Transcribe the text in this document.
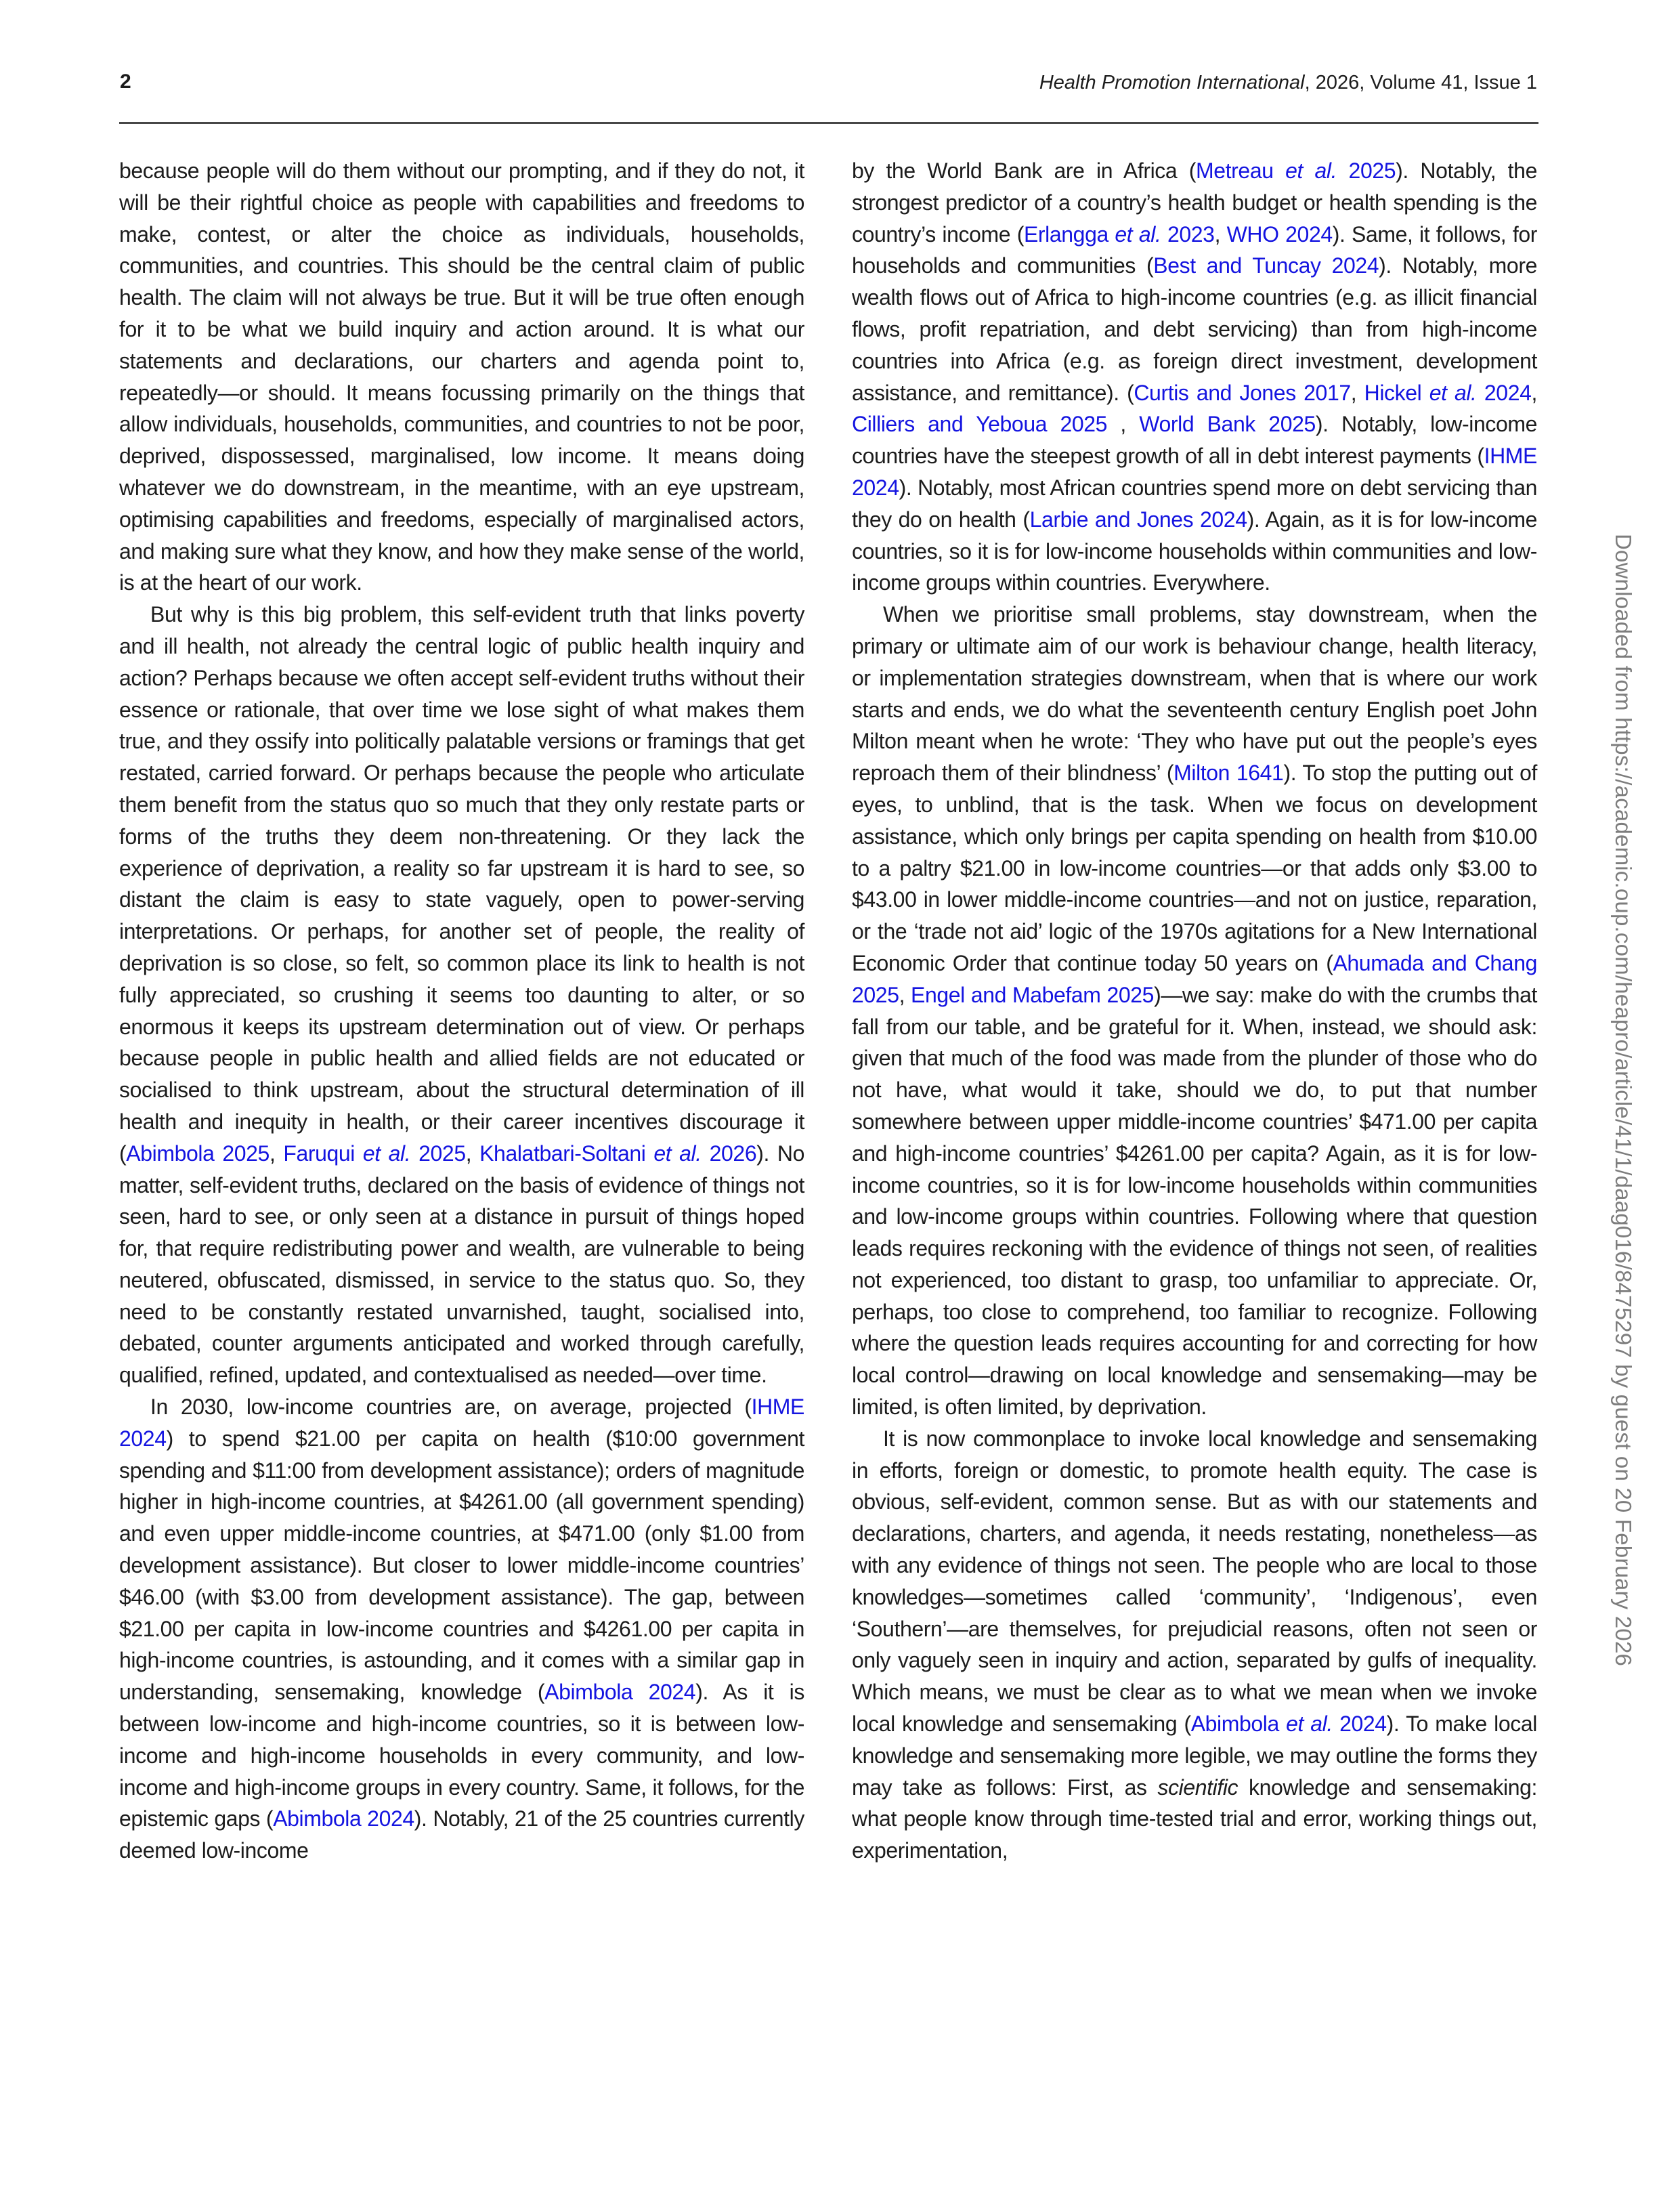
2	Health Promotion International, 2026, Volume 41, Issue 1

because people will do them without our prompting, and if they do not, it will be their rightful choice as people with capabilities and freedoms to make, contest, or alter the choice as individuals, households, communities, and countries. This should be the central claim of public health. The claim will not always be true. But it will be true often enough for it to be what we build inquiry and action around. It is what our statements and declarations, our charters and agenda point to, repeatedly—or should. It means focussing primarily on the things that allow individuals, households, communities, and countries to not be poor, deprived, dispossessed, marginalised, low income. It means doing whatever we do downstream, in the meantime, with an eye upstream, optimising capabilities and freedoms, especially of marginalised actors, and making sure what they know, and how they make sense of the world, is at the heart of our work.

But why is this big problem, this self-evident truth that links poverty and ill health, not already the central logic of public health inquiry and action? Perhaps because we often accept self-evident truths without their essence or rationale, that over time we lose sight of what makes them true, and they ossify into politically palatable versions or framings that get restated, carried forward. Or perhaps because the people who articulate them benefit from the status quo so much that they only restate parts or forms of the truths they deem non-threatening. Or they lack the experience of deprivation, a reality so far upstream it is hard to see, so distant the claim is easy to state vaguely, open to power-serving interpretations. Or perhaps, for another set of people, the reality of deprivation is so close, so felt, so common place its link to health is not fully appreciated, so crushing it seems too daunting to alter, or so enormous it keeps its upstream determination out of view. Or perhaps because people in public health and allied fields are not educated or socialised to think upstream, about the structural determination of ill health and inequity in health, or their career incentives discourage it (Abimbola 2025, Faruqui et al. 2025, Khalatbari-Soltani et al. 2026). No matter, self-evident truths, declared on the basis of evidence of things not seen, hard to see, or only seen at a distance in pursuit of things hoped for, that require redistributing power and wealth, are vulnerable to being neutered, obfuscated, dismissed, in service to the status quo. So, they need to be constantly restated unvarnished, taught, socialised into, debated, counter arguments anticipated and worked through carefully, qualified, refined, updated, and contextualised as needed—over time.

In 2030, low-income countries are, on average, projected (IHME 2024) to spend $21.00 per capita on health ($10:00 government spending and $11:00 from development assistance); orders of magnitude higher in high-income countries, at $4261.00 (all government spending) and even upper middle-income countries, at $471.00 (only $1.00 from development assistance). But closer to lower middle-income countries’ $46.00 (with $3.00 from development assistance). The gap, between $21.00 per capita in low-income countries and $4261.00 per capita in high-income countries, is astounding, and it comes with a similar gap in understanding, sensemaking, knowledge (Abimbola 2024). As it is between low-income and high-income countries, so it is between low-income and high-income households in every community, and low-income and high-income groups in every country. Same, it follows, for the epistemic gaps (Abimbola 2024). Notably, 21 of the 25 countries currently deemed low-income

by the World Bank are in Africa (Metreau et al. 2025). Notably, the strongest predictor of a country’s health budget or health spending is the country’s income (Erlangga et al. 2023, WHO 2024). Same, it follows, for households and communities (Best and Tuncay 2024). Notably, more wealth flows out of Africa to high-income countries (e.g. as illicit financial flows, profit repatriation, and debt servicing) than from high-income countries into Africa (e.g. as foreign direct investment, development assistance, and remittance). (Curtis and Jones 2017, Hickel et al. 2024, Cilliers and Yeboua 2025 , World Bank 2025). Notably, low-income countries have the steepest growth of all in debt interest payments (IHME 2024). Notably, most African countries spend more on debt servicing than they do on health (Larbie and Jones 2024). Again, as it is for low-income countries, so it is for low-income households within communities and low-income groups within countries. Everywhere.

When we prioritise small problems, stay downstream, when the primary or ultimate aim of our work is behaviour change, health literacy, or implementation strategies downstream, when that is where our work starts and ends, we do what the seventeenth century English poet John Milton meant when he wrote: ‘They who have put out the people’s eyes reproach them of their blindness’ (Milton 1641). To stop the putting out of eyes, to unblind, that is the task. When we focus on development assistance, which only brings per capita spending on health from $10.00 to a paltry $21.00 in low-income countries—or that adds only $3.00 to $43.00 in lower middle-income countries—and not on justice, reparation, or the ‘trade not aid’ logic of the 1970s agitations for a New International Economic Order that continue today 50 years on (Ahumada and Chang 2025, Engel and Mabefam 2025)—we say: make do with the crumbs that fall from our table, and be grateful for it. When, instead, we should ask: given that much of the food was made from the plunder of those who do not have, what would it take, should we do, to put that number somewhere between upper middle-income countries’ $471.00 per capita and high-income countries’ $4261.00 per capita? Again, as it is for low-income countries, so it is for low-income households within communities and low-income groups within countries. Following where that question leads requires reckoning with the evidence of things not seen, of realities not experienced, too distant to grasp, too unfamiliar to appreciate. Or, perhaps, too close to comprehend, too familiar to recognize. Following where the question leads requires accounting for and correcting for how local control—drawing on local knowledge and sensemaking—may be limited, is often limited, by deprivation.

It is now commonplace to invoke local knowledge and sensemaking in efforts, foreign or domestic, to promote health equity. The case is obvious, self-evident, common sense. But as with our statements and declarations, charters, and agenda, it needs restating, nonetheless—as with any evidence of things not seen. The people who are local to those knowledges—sometimes called ‘community’, ‘Indigenous’, even ‘Southern’—are themselves, for prejudicial reasons, often not seen or only vaguely seen in inquiry and action, separated by gulfs of inequality. Which means, we must be clear as to what we mean when we invoke local knowledge and sensemaking (Abimbola et al. 2024). To make local knowledge and sensemaking more legible, we may outline the forms they may take as follows: First, as scientific knowledge and sensemaking: what people know through time-tested trial and error, working things out, experimentation,

Downloaded from https://academic.oup.com/heapro/article/41/1/daag016/8475297 by guest on 20 February 2026
